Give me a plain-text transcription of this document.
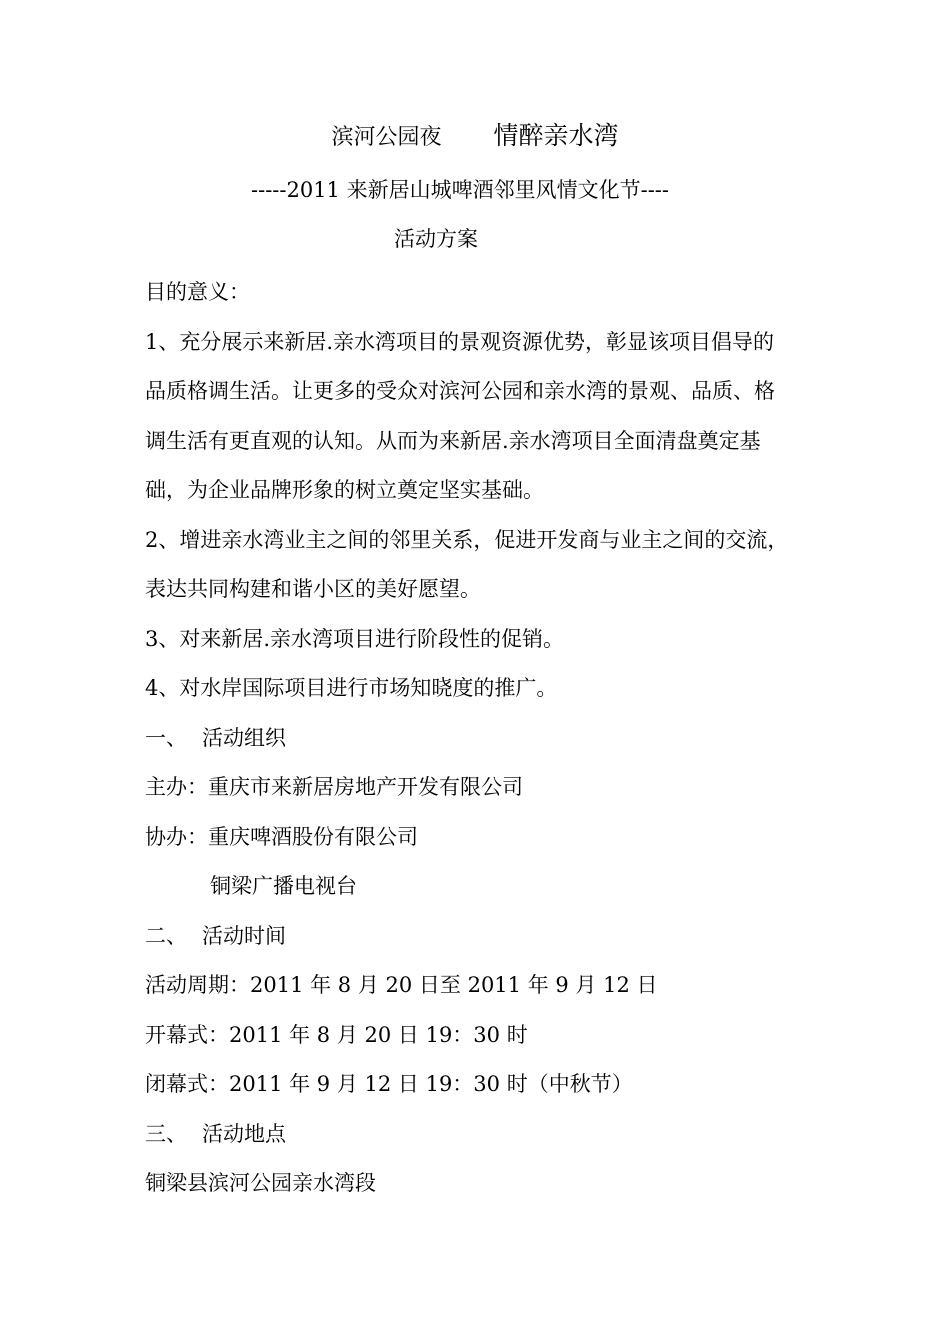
滨河公园夜 情醉亲水湾
-----2011 来新居山城啤酒邻里风情文化节----
活动方案
目的意义：
1、充分展示来新居.亲水湾项目的景观资源优势，彰显该项目倡导的
品质格调生活。让更多的受众对滨河公园和亲水湾的景观、品质、格
调生活有更直观的认知。从而为来新居.亲水湾项目全面清盘奠定基
础，为企业品牌形象的树立奠定坚实基础。
2、增进亲水湾业主之间的邻里关系，促进开发商与业主之间的交流，
表达共同构建和谐小区的美好愿望。
3、对来新居.亲水湾项目进行阶段性的促销。
4、对水岸国际项目进行市场知晓度的推广。
一、 活动组织
主办：重庆市来新居房地产开发有限公司
协办：重庆啤酒股份有限公司
铜梁广播电视台
二、 活动时间
活动周期：2011 年 8 月 20 日至 2011 年 9 月 12 日
开幕式：2011 年 8 月 20 日 19：30 时
闭幕式：2011 年 9 月 12 日 19：30 时（中秋节）
三、 活动地点
铜梁县滨河公园亲水湾段
